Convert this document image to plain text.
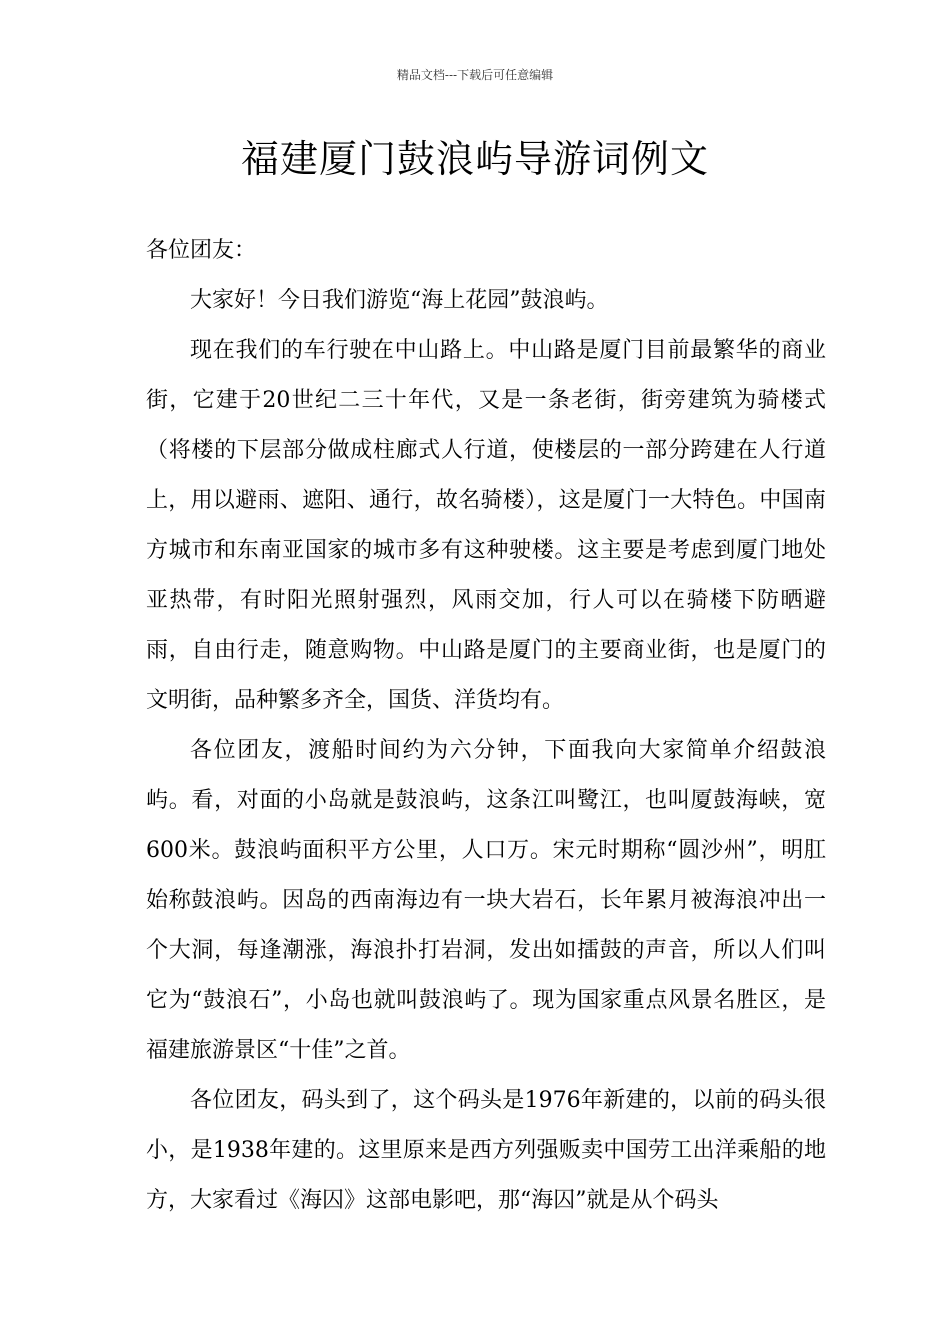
精品文档---下载后可任意编辑
福建厦门鼓浪屿导游词例文

各位团友：

大家好！今日我们游览“海上花园”鼓浪屿。

现在我们的车行驶在中山路上。中山路是厦门目前最繁华的商业街，它建于20世纪二三十年代，又是一条老街，街旁建筑为骑楼式（将楼的下层部分做成柱廊式人行道，使楼层的一部分跨建在人行道上，用以避雨、遮阳、通行，故名骑楼），这是厦门一大特色。中国南方城市和东南亚国家的城市多有这种驶楼。这主要是考虑到厦门地处亚热带，有时阳光照射强烈，风雨交加，行人可以在骑楼下防晒避雨，自由行走，随意购物。中山路是厦门的主要商业街，也是厦门的文明街，品种繁多齐全，国货、洋货均有。

各位团友，渡船时间约为六分钟，下面我向大家简单介绍鼓浪屿。看，对面的小岛就是鼓浪屿，这条江叫鹭江，也叫厦鼓海峡，宽600米。鼓浪屿面积平方公里，人口万。宋元时期称“圆沙州”，明肛始称鼓浪屿。因岛的西南海边有一块大岩石，长年累月被海浪冲出一个大洞，每逢潮涨，海浪扑打岩洞，发出如擂鼓的声音，所以人们叫它为“鼓浪石”，小岛也就叫鼓浪屿了。现为国家重点风景名胜区，是福建旅游景区“十佳”之首。

各位团友，码头到了，这个码头是1976年新建的，以前的码头很小，是1938年建的。这里原来是西方列强贩卖中国劳工出洋乘船的地方，大家看过《海囚》这部电影吧，那“海囚”就是从个码头
